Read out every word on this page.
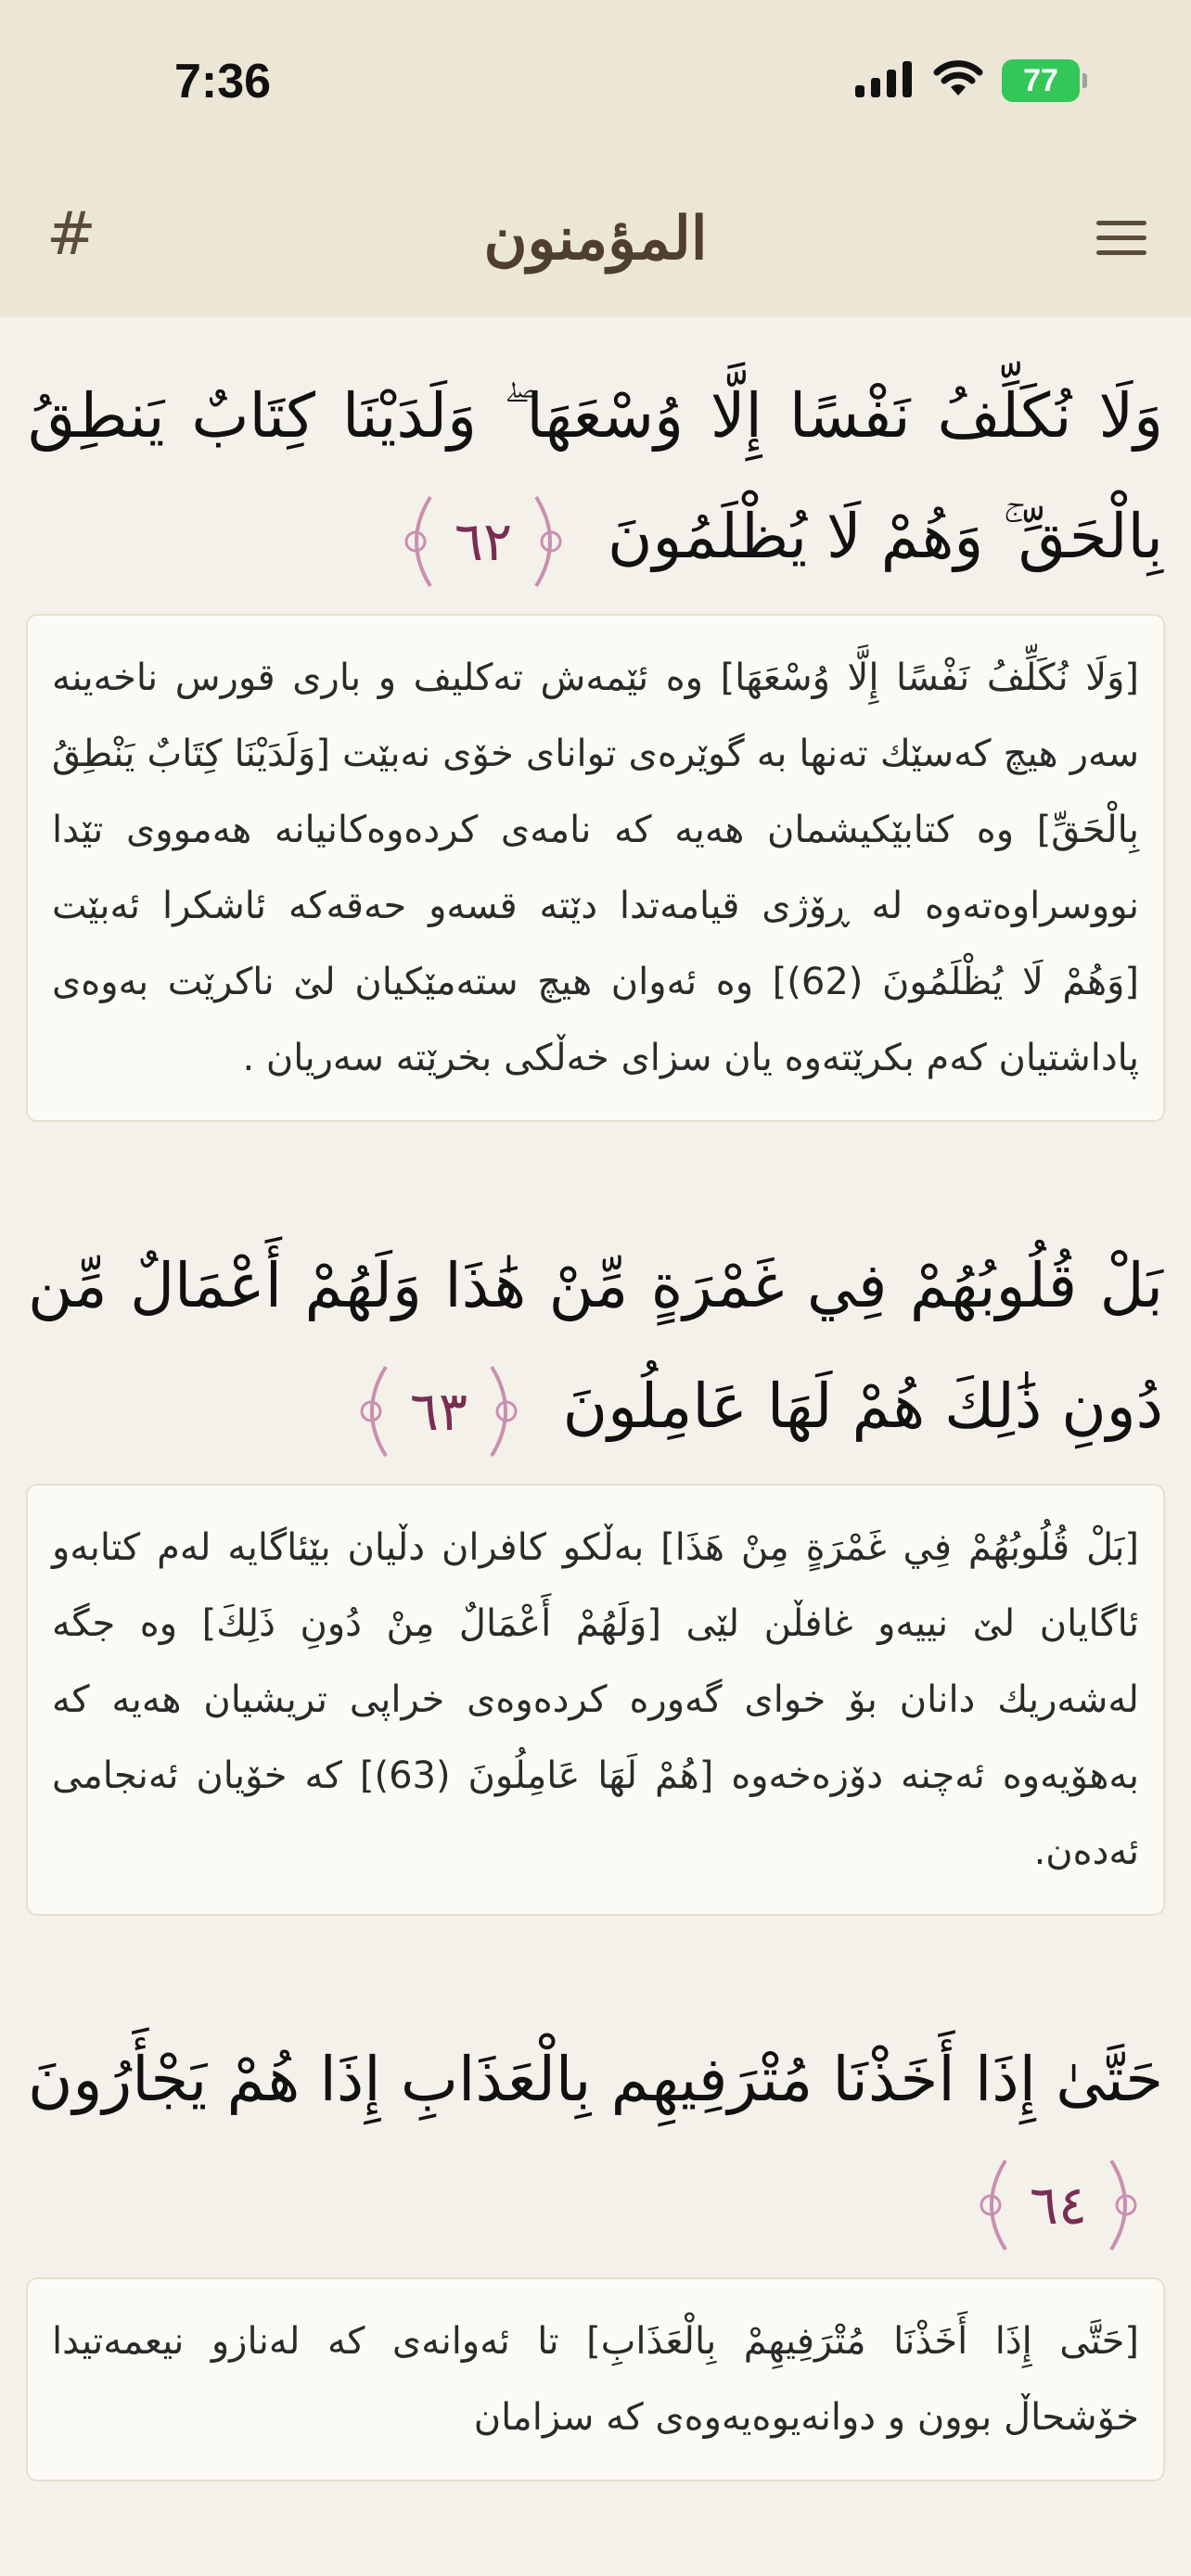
7:36	77
#	المؤمنون
وَلَا نُكَلِّفُ نَفْسًا إِلَّا وُسْعَهَا ۖ وَلَدَيْنَا كِتَابٌ يَنطِقُ بِالْحَقِّ ۚ وَهُمْ لَا يُظْلَمُونَ
٦٢
[وَلَا نُكَلِّفُ نَفْسًا إِلَّا وُسْعَهَا] وه‌ ئێمه‌ش ته‌كلیف و باری قورس ناخه‌ینه‌ سه‌ر هیچ كه‌سێك ته‌نها به‌ گوێره‌ی توانای خۆی نه‌بێت [وَلَدَيْنَا كِتَابٌ يَنْطِقُ بِالْحَقِّ] وه‌ كتابێكیشمان هه‌یه‌ كه‌ نامه‌ی كرده‌وه‌كانیانه‌ هه‌مووی تێدا نووسراوه‌ته‌وه‌ له‌ ڕۆژی قیامه‌تدا دێته‌ قسه‌و حه‌قه‌كه‌ ئاشكرا ئه‌بێت [وَهُمْ لَا يُظْلَمُونَ (62)] وه‌ ئه‌وان هیچ سته‌مێكیان لێ ناكرێت به‌وه‌ی پاداشتیان كه‌م بكرێته‌وه‌ یان سزای خه‌ڵكی بخرێته‌ سه‌ریان .
بَلْ قُلُوبُهُمْ فِي غَمْرَةٍ مِّنْ هَٰذَا وَلَهُمْ أَعْمَالٌ مِّن دُونِ ذَٰلِكَ هُمْ لَهَا عَامِلُونَ
٦٣
[بَلْ قُلُوبُهُمْ فِي غَمْرَةٍ مِنْ هَذَا] به‌ڵكو كافران دڵیان بێئاگایه‌ له‌م كتابه‌و ئاگایان لێ نییه‌و غافڵن لێی [وَلَهُمْ أَعْمَالٌ مِنْ دُونِ ذَلِكَ] وه‌ جگه‌ له‌شه‌ریك دانان بۆ خوای گه‌وره‌ كرده‌وه‌ی خراپی تریشیان هه‌یه‌ كه‌ به‌هۆیه‌وه‌ ئه‌چنه‌ دۆزه‌خه‌وه‌ [هُمْ لَهَا عَامِلُونَ (63)] كه‌ خۆیان ئه‌نجامی ئه‌ده‌ن.
حَتَّىٰ إِذَا أَخَذْنَا مُتْرَفِيهِم بِالْعَذَابِ إِذَا هُمْ يَجْأَرُونَ
٦٤
[حَتَّى إِذَا أَخَذْنَا مُتْرَفِيهِمْ بِالْعَذَابِ] تا ئه‌وانه‌ی كه‌ له‌نازو نیعمه‌تیدا خۆشحاڵ بوون و دوانه‌یوه‌یه‌وه‌ی كه‌ سزامان
